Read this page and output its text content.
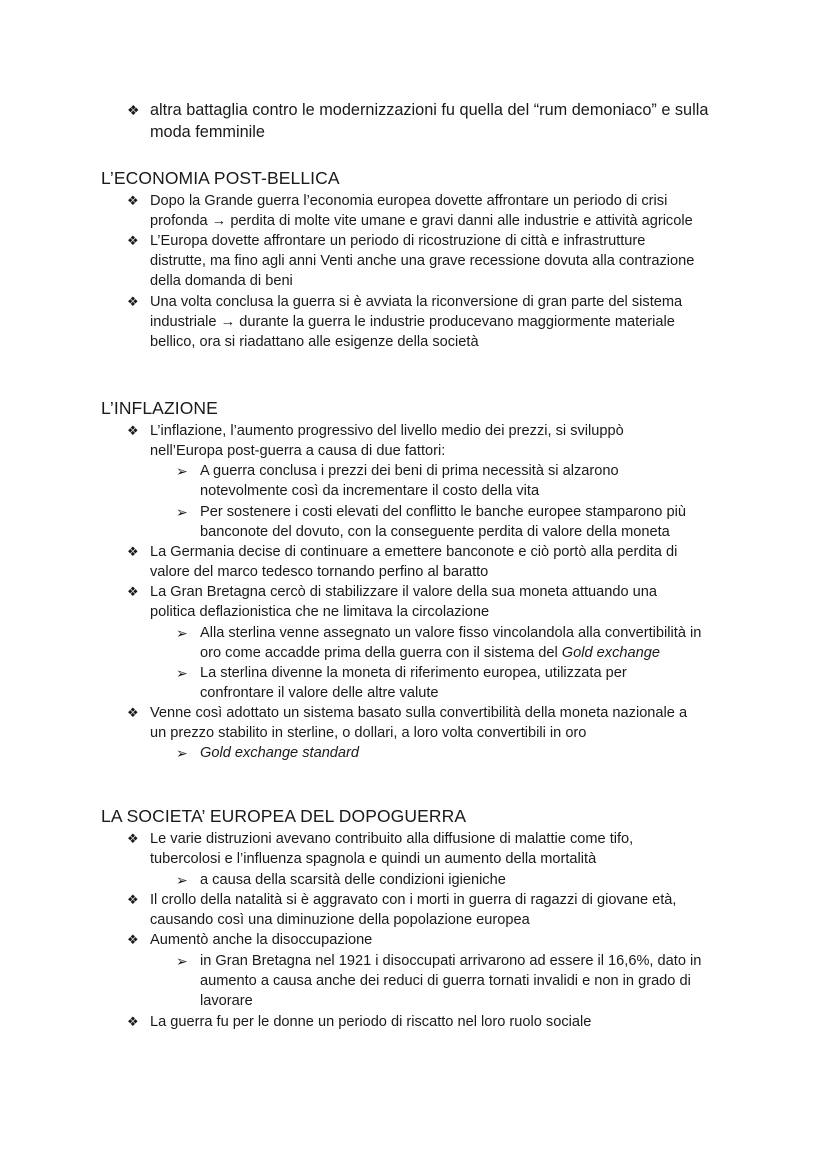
❖ altra battaglia contro le modernizzazioni fu quella del “rum demoniaco” e sulla
moda femminile
L’ECONOMIA POST-BELLICA
❖ Dopo la Grande guerra l’economia europea dovette affrontare un periodo di crisi
profonda → perdita di molte vite umane e gravi danni alle industrie e attività agricole
❖ L’Europa dovette affrontare un periodo di ricostruzione di città e infrastrutture
distrutte, ma fino agli anni Venti anche una grave recessione dovuta alla contrazione
della domanda di beni
❖ Una volta conclusa la guerra si è avviata la riconversione di gran parte del sistema
industriale → durante la guerra le industrie producevano maggiormente materiale
bellico, ora si riadattano alle esigenze della società
L’INFLAZIONE
❖ L’inflazione, l’aumento progressivo del livello medio dei prezzi, si sviluppò
nell’Europa post-guerra a causa di due fattori:
➢ A guerra conclusa i prezzi dei beni di prima necessità si alzarono
notevolmente così da incrementare il costo della vita
➢ Per sostenere i costi elevati del conflitto le banche europee stamparono più
banconote del dovuto, con la conseguente perdita di valore della moneta
❖ La Germania decise di continuare a emettere banconote e ciò portò alla perdita di
valore del marco tedesco tornando perfino al baratto
❖ La Gran Bretagna cercò di stabilizzare il valore della sua moneta attuando una
politica deflazionistica che ne limitava la circolazione
➢ Alla sterlina venne assegnato un valore fisso vincolandola alla convertibilità in
oro come accadde prima della guerra con il sistema del Gold exchange
➢ La sterlina divenne la moneta di riferimento europea, utilizzata per
confrontare il valore delle altre valute
❖ Venne così adottato un sistema basato sulla convertibilità della moneta nazionale a
un prezzo stabilito in sterline, o dollari, a loro volta convertibili in oro
➢ Gold exchange standard
LA SOCIETA’ EUROPEA DEL DOPOGUERRA
❖ Le varie distruzioni avevano contribuito alla diffusione di malattie come tifo,
tubercolosi e l’influenza spagnola e quindi un aumento della mortalità
➢ a causa della scarsità delle condizioni igieniche
❖ Il crollo della natalità si è aggravato con i morti in guerra di ragazzi di giovane età,
causando così una diminuzione della popolazione europea
❖ Aumentò anche la disoccupazione
➢ in Gran Bretagna nel 1921 i disoccupati arrivarono ad essere il 16,6%, dato in
aumento a causa anche dei reduci di guerra tornati invalidi e non in grado di
lavorare
❖ La guerra fu per le donne un periodo di riscatto nel loro ruolo sociale
